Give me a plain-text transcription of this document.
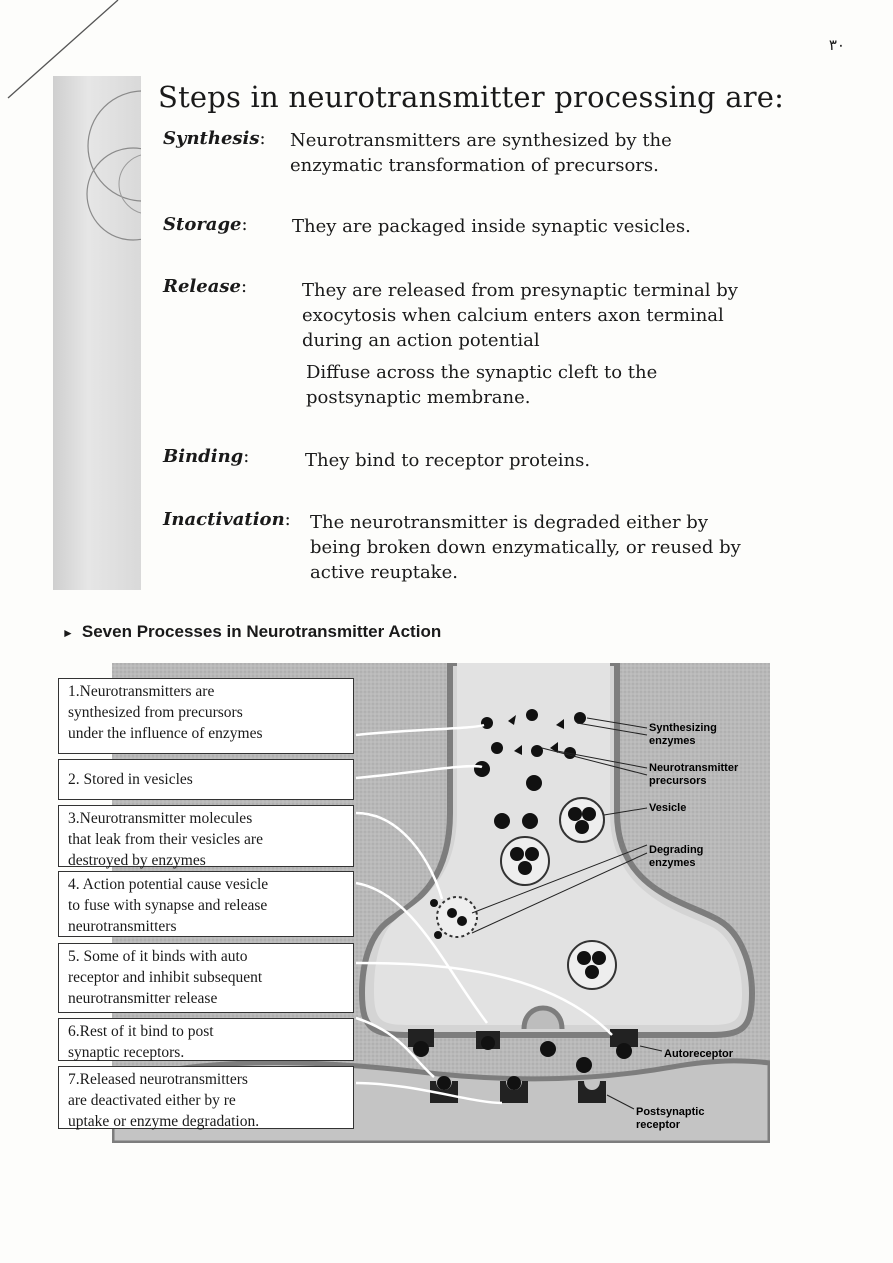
٣٠
Steps in neurotransmitter processing are:
Synthesis: Neurotransmitters are synthesized by the
enzymatic transformation of precursors.
Storage: They are packaged inside synaptic vesicles.
Release:	They are released from presynaptic terminal by
exocytosis when calcium enters axon terminal
during an action potential
Diffuse across the synaptic cleft to the
postsynaptic membrane.
Binding:	They bind to receptor proteins.
Inactivation: The neurotransmitter is degraded either by
being broken down enzymatically, or reused by
active reuptake.
► Seven Processes in Neurotransmitter Action
Synthesizing enzymes
Neurotransmitter precursors
Vesicle
Degrading enzymes
Autoreceptor
Postsynaptic receptor
1.Neurotransmitters are
synthesized from precursors
under the influence of enzymes
2. Stored in vesicles
3.Neurotransmitter molecules
that leak from their vesicles are
destroyed by enzymes
4. Action potential cause vesicle
to fuse with synapse and release
neurotransmitters
5. Some of it binds with auto
receptor and inhibit subsequent
neurotransmitter release
6.Rest of it bind to post
synaptic receptors.
7.Released neurotransmitters
are deactivated either by re
uptake or enzyme degradation.
